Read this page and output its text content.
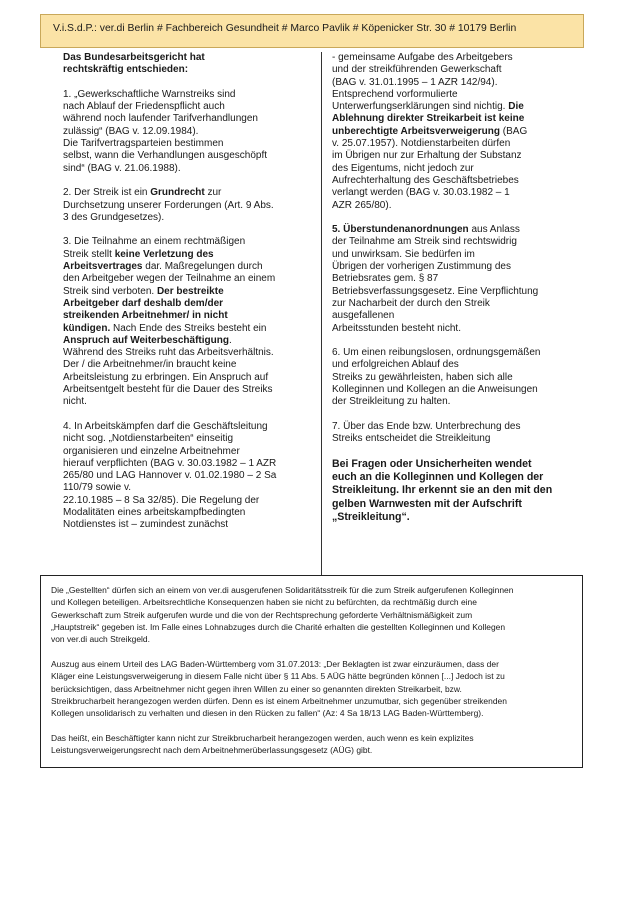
V.i.S.d.P.: ver.di Berlin # Fachbereich Gesundheit # Marco Pavlik # Köpenicker Str. 30 # 10179 Berlin

Das Bundesarbeitsgericht hat
rechtskräftig entschieden:

1. „Gewerkschaftliche Warnstreiks sind
nach Ablauf der Friedenspflicht auch
während noch laufender Tarifverhandlungen
zulässig“ (BAG v. 12.09.1984).
Die Tarifvertragsparteien bestimmen
selbst, wann die Verhandlungen ausgeschöpft
sind“ (BAG v. 21.06.1988).

2. Der Streik ist ein Grundrecht zur
Durchsetzung unserer Forderungen (Art. 9 Abs.
3 des Grundgesetzes).

3. Die Teilnahme an einem rechtmäßigen
Streik stellt keine Verletzung des
Arbeitsvertrages dar. Maßregelungen durch
den Arbeitgeber wegen der Teilnahme an einem
Streik sind verboten. Der bestreikte
Arbeitgeber darf deshalb dem/der
streikenden Arbeitnehmer/ in nicht
kündigen. Nach Ende des Streiks besteht ein
Anspruch auf Weiterbeschäftigung.
Während des Streiks ruht das Arbeitsverhältnis.
Der / die Arbeitnehmer/in braucht keine
Arbeitsleistung zu erbringen. Ein Anspruch auf
Arbeitsentgelt besteht für die Dauer des Streiks
nicht.

4. In Arbeitskämpfen darf die Geschäftsleitung
nicht sog. „Notdienstarbeiten“ einseitig
organisieren und einzelne Arbeitnehmer
hierauf verpflichten (BAG v. 30.03.1982 – 1 AZR
265/80 und LAG Hannover v. 01.02.1980 – 2 Sa
110/79 sowie v.
22.10.1985 – 8 Sa 32/85). Die Regelung der
Modalitäten eines arbeitskampfbedingten
Notdienstes ist – zumindest zunächst

- gemeinsame Aufgabe des Arbeitgebers
und der streikführenden Gewerkschaft
(BAG v. 31.01.1995 – 1 AZR 142/94).
Entsprechend vorformulierte
Unterwerfungserklärungen sind nichtig. Die
Ablehnung direkter Streikarbeit ist keine
unberechtigte Arbeitsverweigerung (BAG
v. 25.07.1957). Notdienstarbeiten dürfen
im Übrigen nur zur Erhaltung der Substanz
des Eigentums, nicht jedoch zur
Aufrechterhaltung des Geschäftsbetriebes
verlangt werden (BAG v. 30.03.1982 – 1
AZR 265/80).

5. Überstundenanordnungen aus Anlass
der Teilnahme am Streik sind rechtswidrig
und unwirksam. Sie bedürfen im
Übrigen der vorherigen Zustimmung des
Betriebsrates gem. § 87
Betriebsverfassungsgesetz. Eine Verpflichtung
zur Nacharbeit der durch den Streik
ausgefallenen
Arbeitsstunden besteht nicht.

6. Um einen reibungslosen, ordnungsgemäßen
und erfolgreichen Ablauf des
Streiks zu gewährleisten, haben sich alle
Kolleginnen und Kollegen an die Anweisungen
der Streikleitung zu halten.

7. Über das Ende bzw. Unterbrechung des
Streiks entscheidet die Streikleitung

Bei Fragen oder Unsicherheiten wendet
euch an die Kolleginnen und Kollegen der
Streikleitung. Ihr erkennt sie an den mit den
gelben Warnwesten mit der Aufschrift
„Streikleitung“.

Die „Gestellten“ dürfen sich an einem von ver.di ausgerufenen Solidaritätsstreik für die zum Streik aufgerufenen Kolleginnen
und Kollegen beteiligen. Arbeitsrechtliche Konsequenzen haben sie nicht zu befürchten, da rechtmäßig durch eine
Gewerkschaft zum Streik aufgerufen wurde und die von der Rechtsprechung geforderte Verhältnismäßigkeit zum
„Hauptstreik“ gegeben ist. Im Falle eines Lohnabzuges durch die Charité erhalten die gestellten Kolleginnen und Kollegen
von ver.di auch Streikgeld.

Auszug aus einem Urteil des LAG Baden-Württemberg vom 31.07.2013: „Der Beklagten ist zwar einzuräumen, dass der
Kläger eine Leistungsverweigerung in diesem Falle nicht über § 11 Abs. 5 AÜG hätte begründen können [...] Jedoch ist zu
berücksichtigen, dass Arbeitnehmer nicht gegen ihren Willen zu einer so genannten direkten Streikarbeit, bzw.
Streikbrucharbeit herangezogen werden dürfen. Denn es ist einem Arbeitnehmer unzumutbar, sich gegenüber streikenden
Kollegen unsolidarisch zu verhalten und diesen in den Rücken zu fallen“ (Az: 4 Sa 18/13 LAG Baden-Württemberg).

Das heißt, ein Beschäftigter kann nicht zur Streikbrucharbeit herangezogen werden, auch wenn es kein explizites
Leistungsverweigerungsrecht nach dem Arbeitnehmerüberlassungsgesetz (AÜG) gibt.
